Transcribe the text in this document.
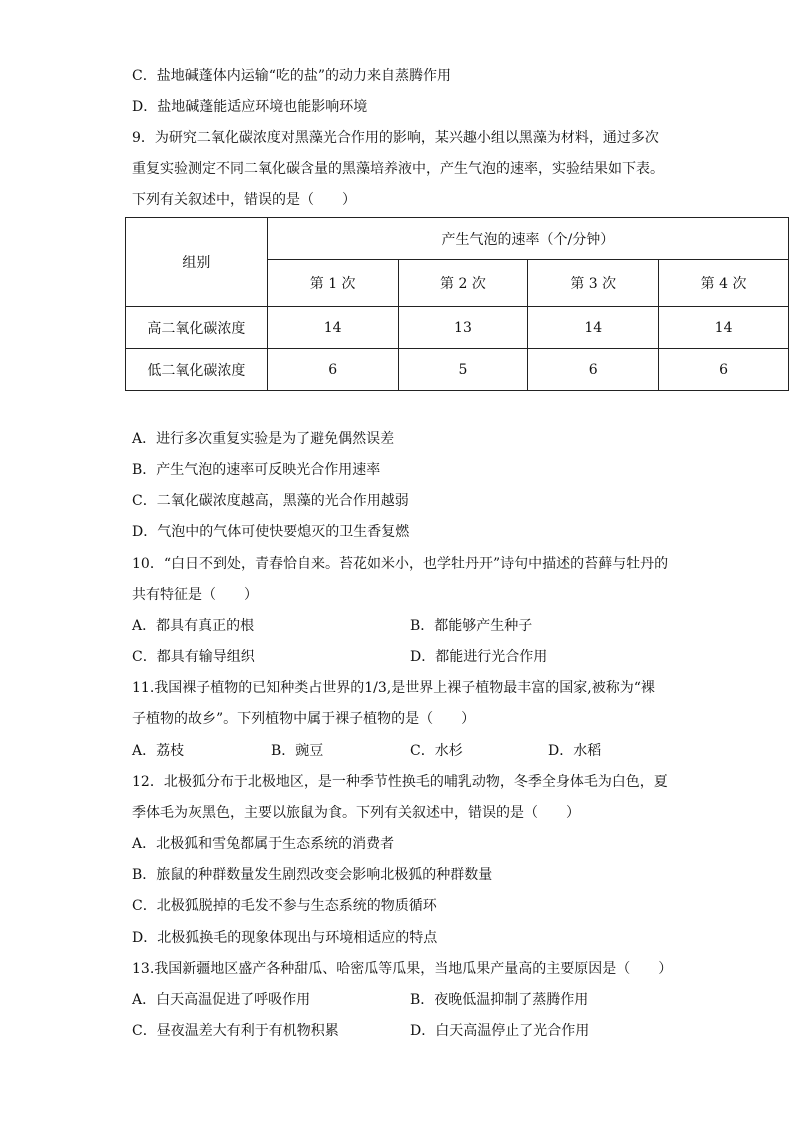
C．盐地碱蓬体内运输“吃的盐”的动力来自蒸腾作用
D．盐地碱蓬能适应环境也能影响环境
9．为研究二氧化碳浓度对黑藻光合作用的影响，某兴趣小组以黑藻为材料，通过多次
重复实验测定不同二氧化碳含量的黑藻培养液中，产生气泡的速率，实验结果如下表。
下列有关叙述中，错误的是（　　）
组别	产生气泡的速率（个/分钟）			
	第 1 次	第 2 次	第 3 次	第 4 次
高二氧化碳浓度	14	13	14	14
低二氧化碳浓度	6	5	6	6
A．进行多次重复实验是为了避免偶然误差
B．产生气泡的速率可反映光合作用速率
C．二氧化碳浓度越高，黑藻的光合作用越弱
D．气泡中的气体可使快要熄灭的卫生香复燃
10．“白日不到处，青春恰自来。苔花如米小，也学牡丹开”诗句中描述的苔藓与牡丹的
共有特征是（　　）
A．都具有真正的根	B．都能够产生种子
C．都具有输导组织	D．都能进行光合作用
11.我国裸子植物的已知种类占世界的1/3,是世界上裸子植物最丰富的国家,被称为“裸
子植物的故乡”。下列植物中属于裸子植物的是（　　）
A．荔枝	B．豌豆	C．水杉	D．水稻
12．北极狐分布于北极地区，是一种季节性换毛的哺乳动物，冬季全身体毛为白色，夏
季体毛为灰黑色，主要以旅鼠为食。下列有关叙述中，错误的是（　　）
A．北极狐和雪兔都属于生态系统的消费者
B．旅鼠的种群数量发生剧烈改变会影响北极狐的种群数量
C．北极狐脱掉的毛发不参与生态系统的物质循环
D．北极狐换毛的现象体现出与环境相适应的特点
13.我国新疆地区盛产各种甜瓜、哈密瓜等瓜果，当地瓜果产量高的主要原因是（　　）
A．白天高温促进了呼吸作用	B．夜晚低温抑制了蒸腾作用
C．昼夜温差大有利于有机物积累	D．白天高温停止了光合作用
